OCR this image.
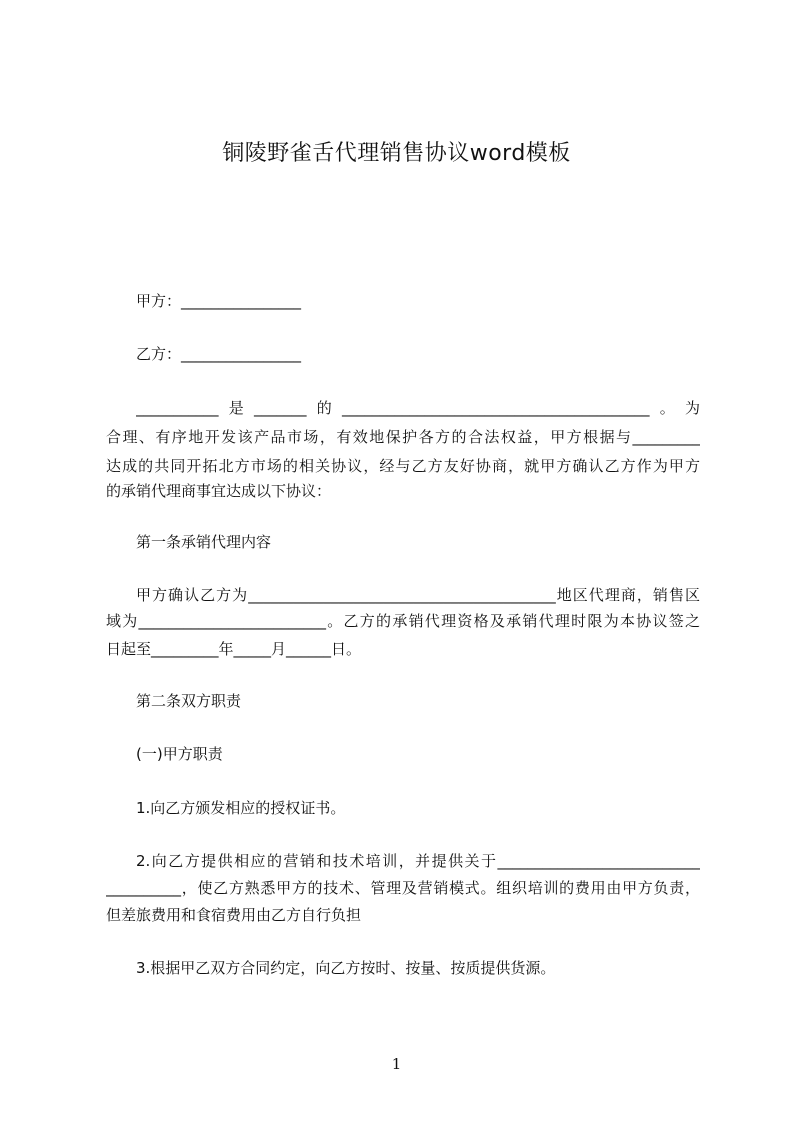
铜陵野雀舌代理销售协议word模板
甲方：________________
乙方：________________
___________是_______的_________________________________________。为
合理、有序地开发该产品市场，有效地保护各方的合法权益，甲方根据与_________
达成的共同开拓北方市场的相关协议，经与乙方友好协商，就甲方确认乙方作为甲方
的承销代理商事宜达成以下协议：
第一条承销代理内容
甲方确认乙方为_________________________________________地区代理商，销售区
域为_________________________。乙方的承销代理资格及承销代理时限为本协议签之
日起至_________年_____月______日。
第二条双方职责
(一)甲方职责
1.向乙方颁发相应的授权证书。
2.向乙方提供相应的营销和技术培训，并提供关于___________________________
__________，使乙方熟悉甲方的技术、管理及营销模式。组织培训的费用由甲方负责，
但差旅费用和食宿费用由乙方自行负担
3.根据甲乙双方合同约定，向乙方按时、按量、按质提供货源。
1
